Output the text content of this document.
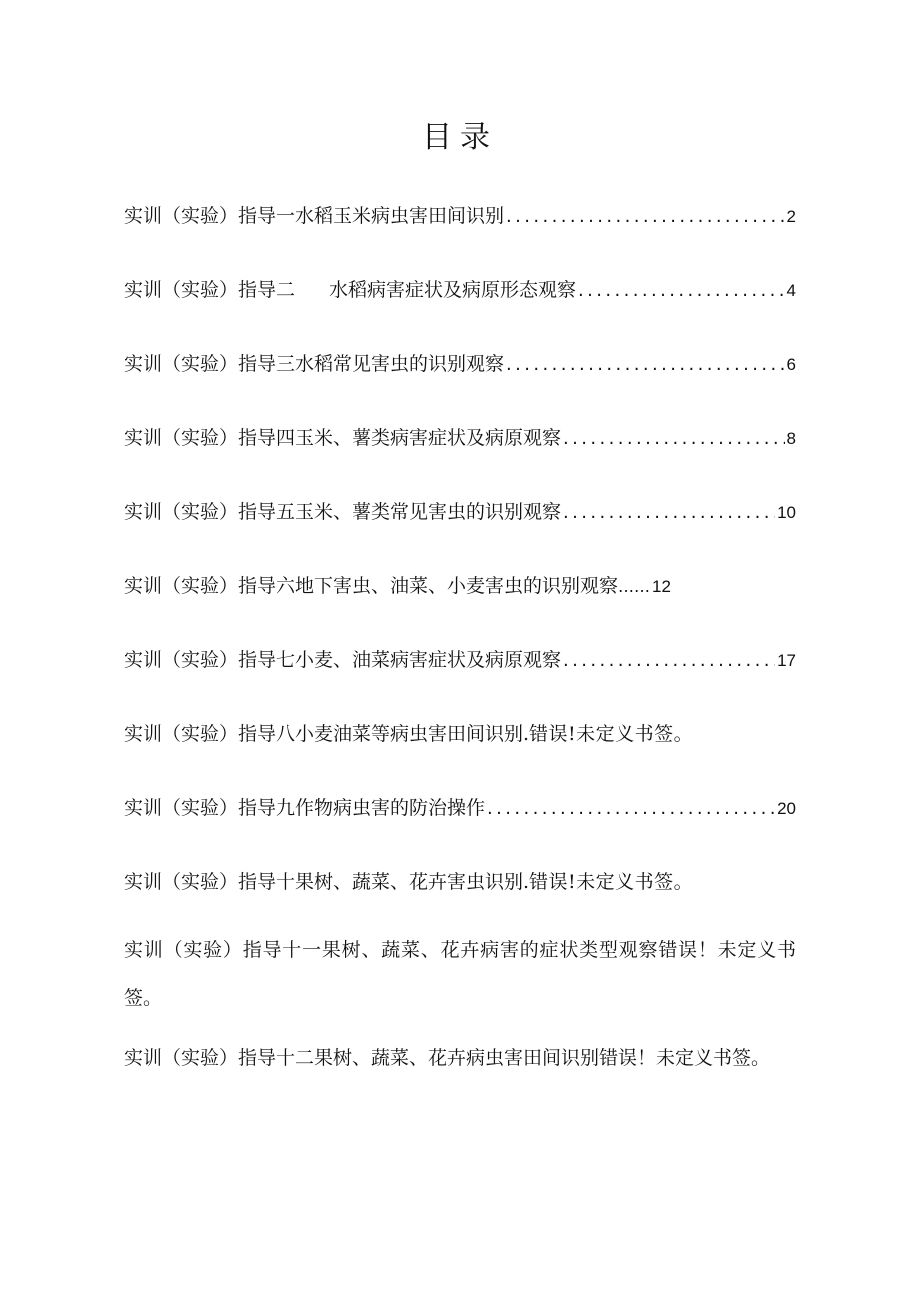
目录
实训（实验）指导一水稻玉米病虫害田间识别 .....	2
实训（实验）指导二 水稻病害症状及病原形态观察 .....	4
实训（实验）指导三水稻常见害虫的识别观察 .....	6
实训（实验）指导四玉米、薯类病害症状及病原观察 .....	8
实训（实验）指导五玉米、薯类常见害虫的识别观察 .....	10
实训（实验）指导六地下害虫、油菜、小麦害虫的识别观察 …… 12
实训（实验）指导七小麦、油菜病害症状及病原观察 .....	17
实训（实验）指导八小麦油菜等病虫害田间识别.错误!未定义书签。
实训（实验）指导九作物病虫害的防治操作 .....	20
实训（实验）指导十果树、蔬菜、花卉害虫识别.错误!未定义书签。
实训（实验）指导十一果树、蔬菜、花卉病害的症状类型观察错误！未定义书签。
实训（实验）指导十二果树、蔬菜、花卉病虫害田间识别错误！未定义书签。
